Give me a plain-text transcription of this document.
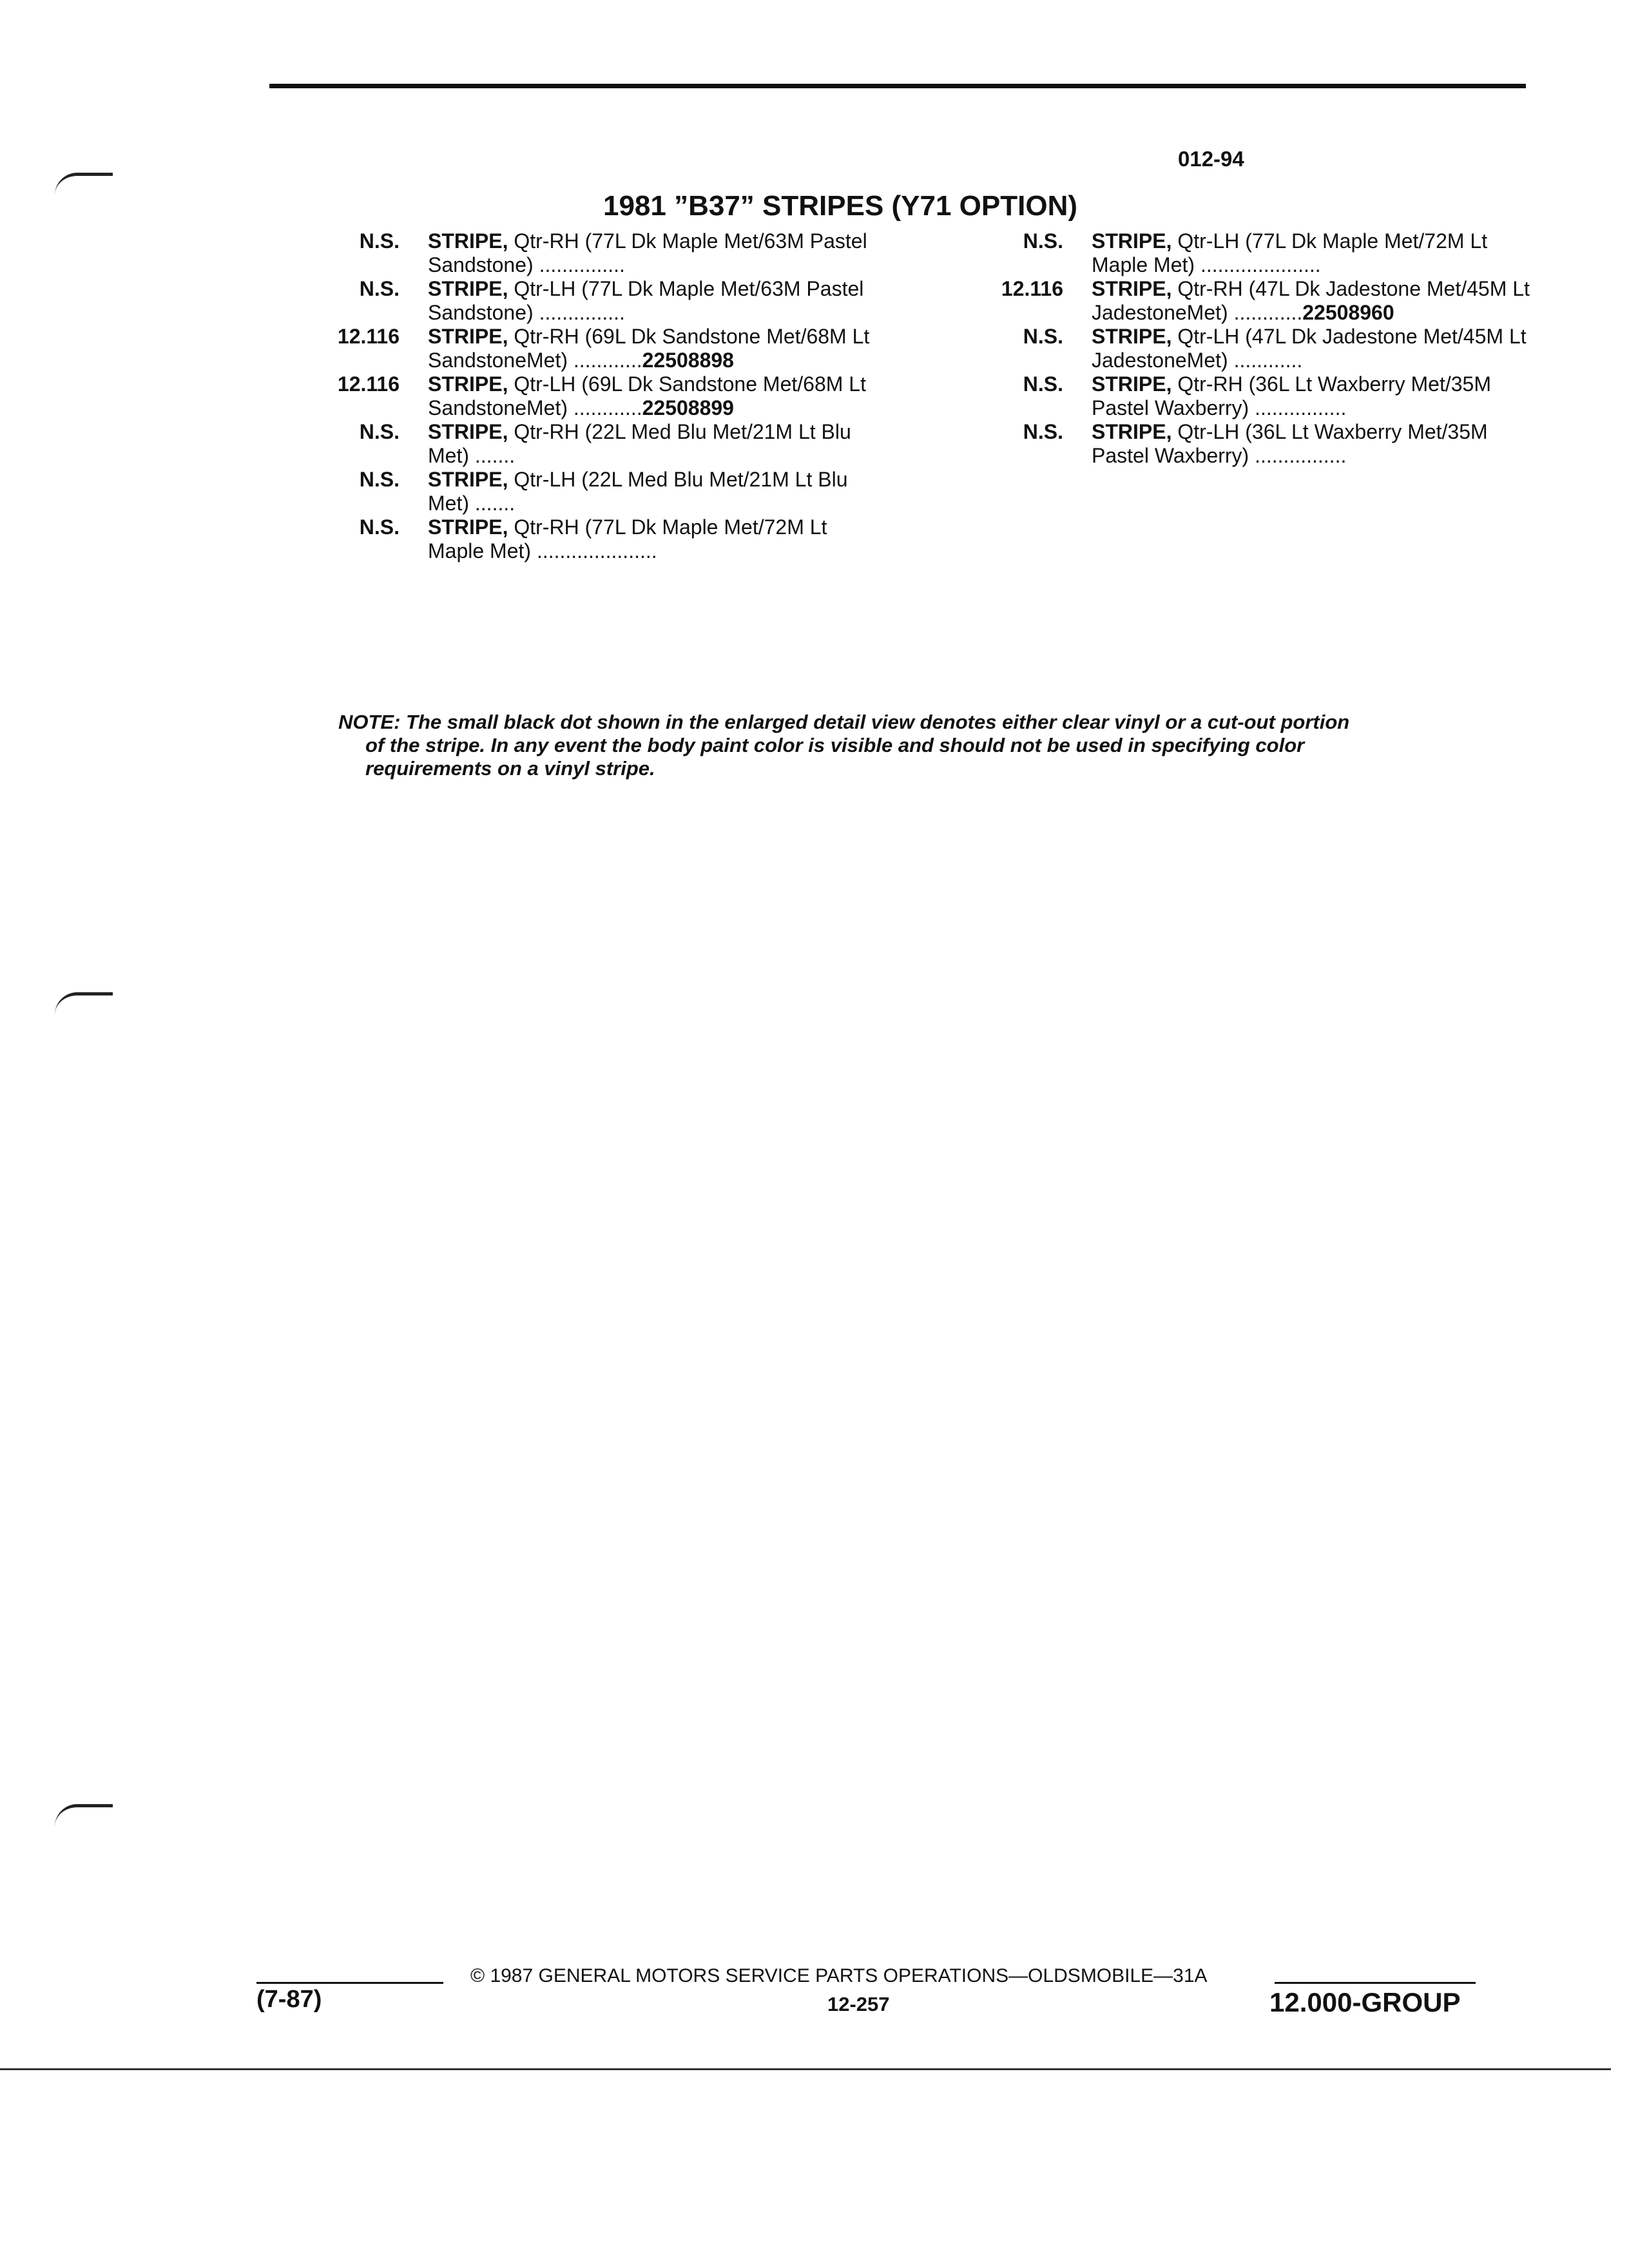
012-94
1981 ”B37” STRIPES (Y71 OPTION)
N.S.	STRIPE, Qtr-RH (77L Dk Maple Met/63M Pastel Sandstone) ...............
N.S.	STRIPE, Qtr-LH (77L Dk Maple Met/63M Pastel Sandstone) ...............
12.116	STRIPE, Qtr-RH (69L Dk Sandstone Met/68M Lt SandstoneMet) ............22508898
12.116	STRIPE, Qtr-LH (69L Dk Sandstone Met/68M Lt SandstoneMet) ............22508899
N.S.	STRIPE, Qtr-RH (22L Med Blu Met/21M Lt Blu Met) .......
N.S.	STRIPE, Qtr-LH (22L Med Blu Met/21M Lt Blu Met) .......
N.S.	STRIPE, Qtr-RH (77L Dk Maple Met/72M Lt Maple Met) .....................
N.S.	STRIPE, Qtr-LH (77L Dk Maple Met/72M Lt Maple Met) .....................
12.116	STRIPE, Qtr-RH (47L Dk Jadestone Met/45M Lt JadestoneMet) ............22508960
N.S.	STRIPE, Qtr-LH (47L Dk Jadestone Met/45M Lt JadestoneMet) ............
N.S.	STRIPE, Qtr-RH (36L Lt Waxberry Met/35M Pastel Waxberry) ................
N.S.	STRIPE, Qtr-LH (36L Lt Waxberry Met/35M Pastel Waxberry) ................
NOTE: The small black dot shown in the enlarged detail view denotes either clear vinyl or a cut-out portion
of the stripe. In any event the body paint color is visible and should not be used in specifying color
requirements on a vinyl stripe.
(7-87)
© 1987 GENERAL MOTORS SERVICE PARTS OPERATIONS—OLDSMOBILE—31A
12-257	12.000-GROUP
